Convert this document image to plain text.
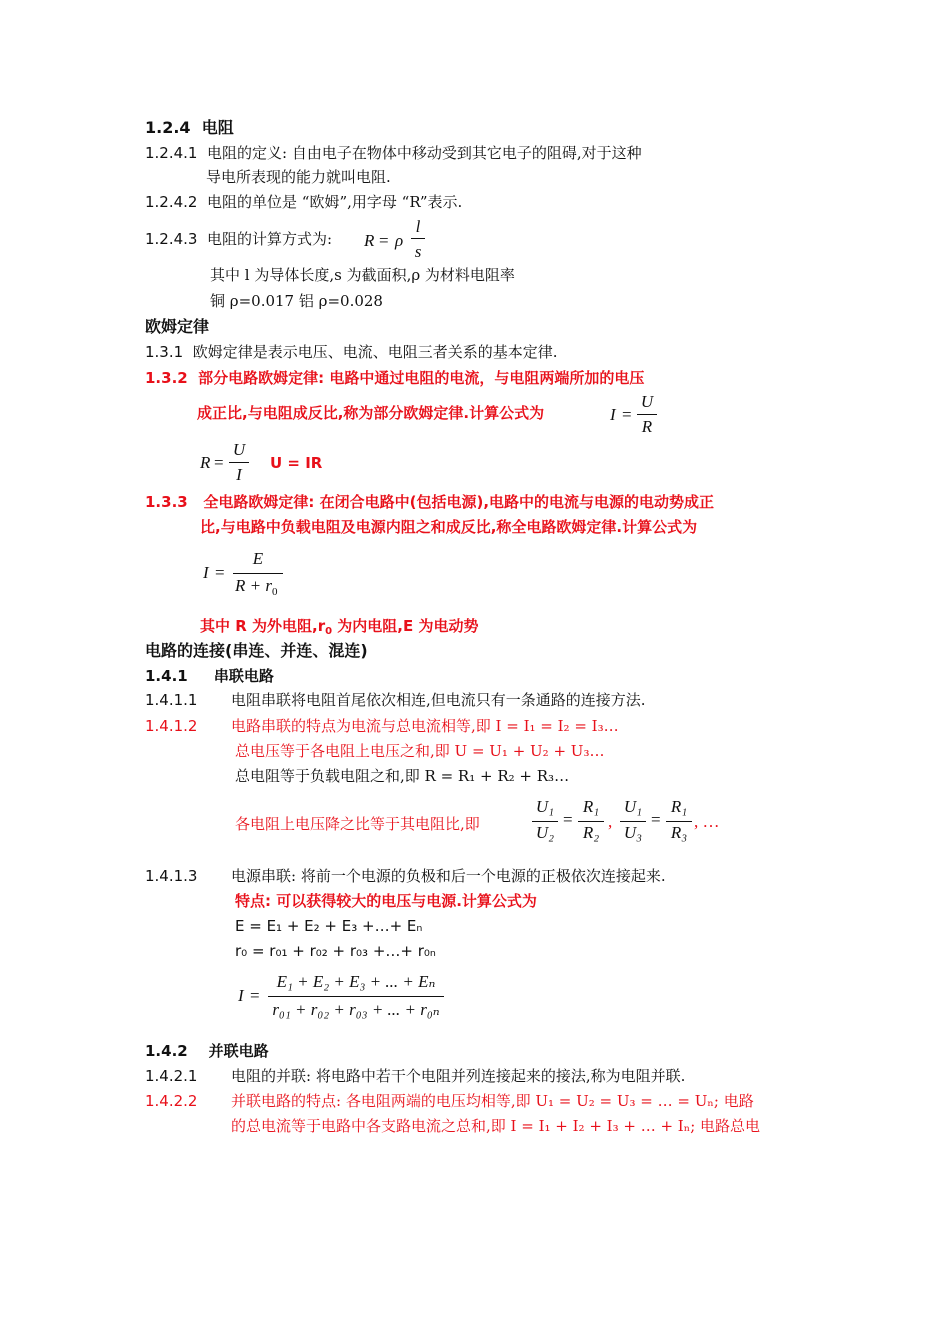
1.2.4 电阻
1.2.4.1 电阻的定义: 自由电子在物体中移动受到其它电子的阻碍,对于这种
导电所表现的能力就叫电阻.
1.2.4.2 电阻的单位是 “欧姆”,用字母 “R”表示.
1.2.4.3 电阻的计算方式为: R = ρ
l
s
其中 l 为导体长度,s 为截面积,ρ 为材料电阻率
铜 ρ=0.017 铝 ρ=0.028
欧姆定律
1.3.1 欧姆定律是表示电压、电流、电阻三者关系的基本定律.
1.3.2 部分电路欧姆定律: 电路中通过电阻的电流，与电阻两端所加的电压
成正比,与电阻成反比,称为部分欧姆定律.计算公式为	I =
U
R
R =
U
I
U = IR
1.3.3 全电路欧姆定律: 在闭合电路中(包括电源),电路中的电流与电源的电动势成正
比,与电路中负载电阻及电源内阻之和成反比,称全电路欧姆定律.计算公式为
I =
E
$R + r_0$
其中 R 为外电阻$,r_0$ 为内电阻,E 为电动势
电路的连接(串连、并连、混连)
1.4.1 串联电路
1.4.1.1 电阻串联将电阻首尾依次相连,但电流只有一条通路的连接方法.
1.4.1.2 电路串联的特点为电流与总电流相等,即 I = I₁ = I₂ = I₃…
总电压等于各电阻上电压之和,即 U = U₁ + U₂ + U₃…
总电阻等于负载电阻之和,即 R = R₁ + R₂ + R₃…
各电阻上电压降之比等于其电阻比,即
U₁
U₂
=
R₁
R₂
,
U₁
U₃
=
R₁
R₃
, …
1.4.1.3 电源串联: 将前一个电源的负极和后一个电源的正极依次连接起来.
特点: 可以获得较大的电压与电源.计算公式为
E = E₁ + E₂ + E₃ +…+ Eₙ
r₀ = r₀₁ + r₀₂ + r₀₃ +…+ r₀ₙ
I =
E₁ + E₂ + E₃ + ... + Eₙ
r₀₁ + r₀₂ + r₀₃ + ... + r₀ₙ
1.4.2 并联电路
1.4.2.1 电阻的并联: 将电路中若干个电阻并列连接起来的接法,称为电阻并联.
1.4.2.2 并联电路的特点: 各电阻两端的电压均相等,即 U₁ = U₂ = U₃ = … = Uₙ; 电路
的总电流等于电路中各支路电流之总和,即 I = I₁ + I₂ + I₃ + … + Iₙ; 电路总电
